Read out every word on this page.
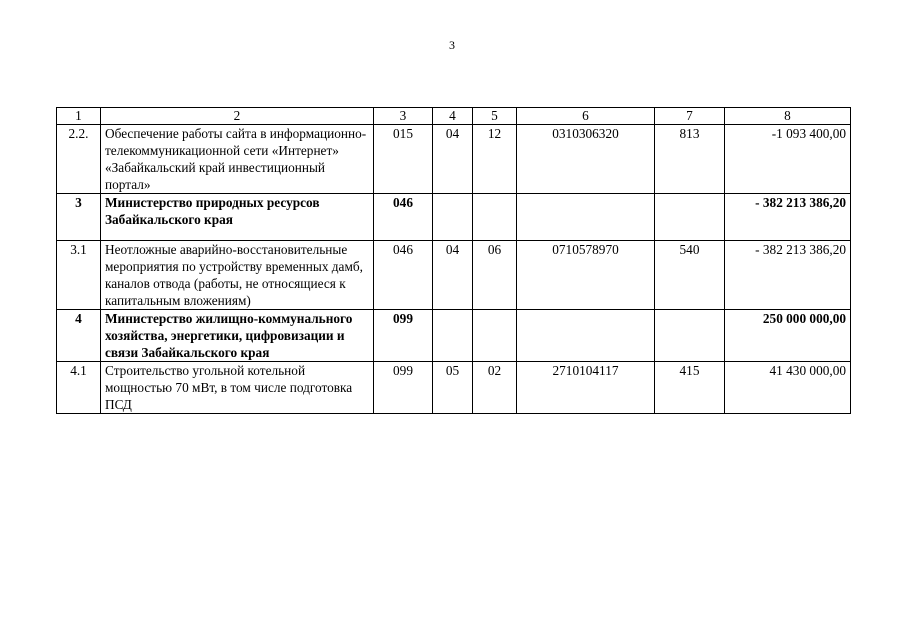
3
1	2	3	4	5	6	7	8
2.2.	Обеспечение работы сайта в информационно-телекоммуникационной сети «Интернет» «Забайкальский край инвестиционный портал»	015	04	12	0310306320	813	-1 093 400,00
3	Министерство природных ресурсов Забайкальского края	046					- 382 213 386,20
3.1	Неотложные аварийно-восстановительные мероприятия по устройству временных дамб, каналов отвода (работы, не относящиеся к капитальным вложениям)	046	04	06	0710578970	540	- 382 213 386,20
4	Министерство жилищно-коммунального хозяйства, энергетики, цифровизации и связи Забайкальского края	099					250 000 000,00
4.1	Строительство угольной котельной мощностью 70 мВт, в том числе подготовка ПСД	099	05	02	2710104117	415	41 430 000,00
